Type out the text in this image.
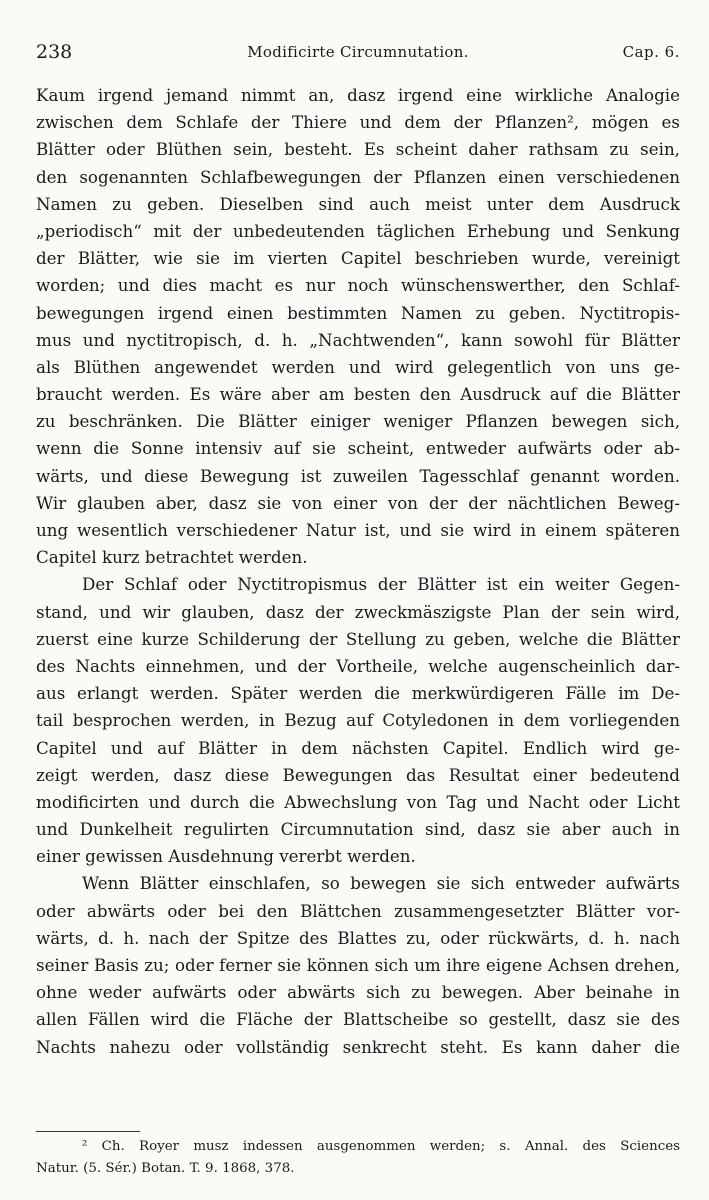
238	Modificirte Circumnutation.	Cap. 6.
Kaum irgend jemand nimmt an, dasz irgend eine wirkliche Analogie
zwischen dem Schlafe der Thiere und dem der Pflanzen², mögen es
Blätter oder Blüthen sein, besteht. Es scheint daher rathsam zu sein,
den sogenannten Schlafbewegungen der Pflanzen einen verschiedenen
Namen zu geben. Dieselben sind auch meist unter dem Ausdruck
„periodisch“ mit der unbedeutenden täglichen Erhebung und Senkung
der Blätter, wie sie im vierten Capitel beschrieben wurde, vereinigt
worden; und dies macht es nur noch wünschenswerther, den Schlaf-
bewegungen irgend einen bestimmten Namen zu geben. Nyctitropis-
mus und nyctitropisch, d. h. „Nachtwenden“, kann sowohl für Blätter
als Blüthen angewendet werden und wird gelegentlich von uns ge-
braucht werden. Es wäre aber am besten den Ausdruck auf die Blätter
zu beschränken. Die Blätter einiger weniger Pflanzen bewegen sich,
wenn die Sonne intensiv auf sie scheint, entweder aufwärts oder ab-
wärts, und diese Bewegung ist zuweilen Tagesschlaf genannt worden.
Wir glauben aber, dasz sie von einer von der der nächtlichen Beweg-
ung wesentlich verschiedener Natur ist, und sie wird in einem späteren
Capitel kurz betrachtet werden.
Der Schlaf oder Nyctitropismus der Blätter ist ein weiter Gegen-
stand, und wir glauben, dasz der zweckmäszigste Plan der sein wird,
zuerst eine kurze Schilderung der Stellung zu geben, welche die Blätter
des Nachts einnehmen, und der Vortheile, welche augenscheinlich dar-
aus erlangt werden. Später werden die merkwürdigeren Fälle im De-
tail besprochen werden, in Bezug auf Cotyledonen in dem vorliegenden
Capitel und auf Blätter in dem nächsten Capitel. Endlich wird ge-
zeigt werden, dasz diese Bewegungen das Resultat einer bedeutend
modificirten und durch die Abwechslung von Tag und Nacht oder Licht
und Dunkelheit regulirten Circumnutation sind, dasz sie aber auch in
einer gewissen Ausdehnung vererbt werden.
Wenn Blätter einschlafen, so bewegen sie sich entweder aufwärts
oder abwärts oder bei den Blättchen zusammengesetzter Blätter vor-
wärts, d. h. nach der Spitze des Blattes zu, oder rückwärts, d. h. nach
seiner Basis zu; oder ferner sie können sich um ihre eigene Achsen drehen,
ohne weder aufwärts oder abwärts sich zu bewegen. Aber beinahe in
allen Fällen wird die Fläche der Blattscheibe so gestellt, dasz sie des
Nachts nahezu oder vollständig senkrecht steht. Es kann daher die
² Ch. Royer musz indessen ausgenommen werden; s. Annal. des Sciences
Natur. (5. Sér.) Botan. T. 9. 1868, 378.
